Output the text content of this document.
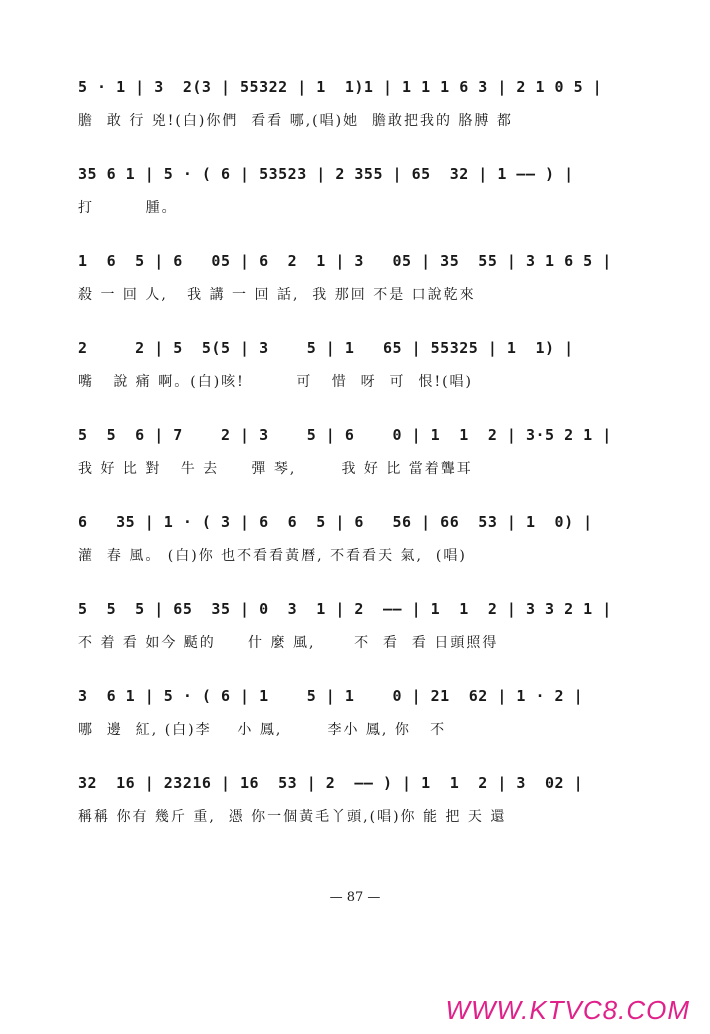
5 · 1 | 3  2(3 | 55322 | 1  1)1 | 1 1 1 6 3 | 2 1 0 5 |
膽  敢 行 兇!(白)你們  看看 哪,(唱)她  膽敢把我的 胳膊 都
35 6 1 | 5 · ( 6 | 53523 | 2 355 | 65  32 | 1 —— ) |
打        腫。
1  6  5 | 6   05 | 6  2  1 | 3   05 | 35  55 | 3 1 6 5 |
殺 一 回 人,   我 講 一 回 話,  我 那回 不是 口說乾來
2     2 | 5  5(5 | 3    5 | 1   65 | 55325 | 1  1) |
嘴   說 痛 啊。(白)咳!        可   惜  呀  可  恨!(唱)
5  5  6 | 7    2 | 3    5 | 6    0 | 1  1  2 | 3·5 2 1 |
我 好 比 對   牛 去     彈 琴,       我 好 比 當着聾耳
6   35 | 1 · ( 3 | 6  6  5 | 6   56 | 66  53 | 1  0) |
灌  春 風。 (白)你 也不看看黃曆, 不看看天 氣,  (唱)
5  5  5 | 65  35 | 0  3  1 | 2  —— | 1  1  2 | 3 3 2 1 |
不 着 看 如今 颳的     什 麼 風,      不  看  看 日頭照得
3  6 1 | 5 · ( 6 | 1    5 | 1    0 | 21  62 | 1 · 2 |
哪  邊  紅, (白)李    小 鳳,       李小 鳳, 你   不
32  16 | 23216 | 16  53 | 2  —— ) | 1  1  2 | 3  02 |
稱稱 你有 幾斤 重,  憑 你一個黃毛丫頭,(唱)你 能 把 天 還
— 87 —
WWW.KTVC8.COM
